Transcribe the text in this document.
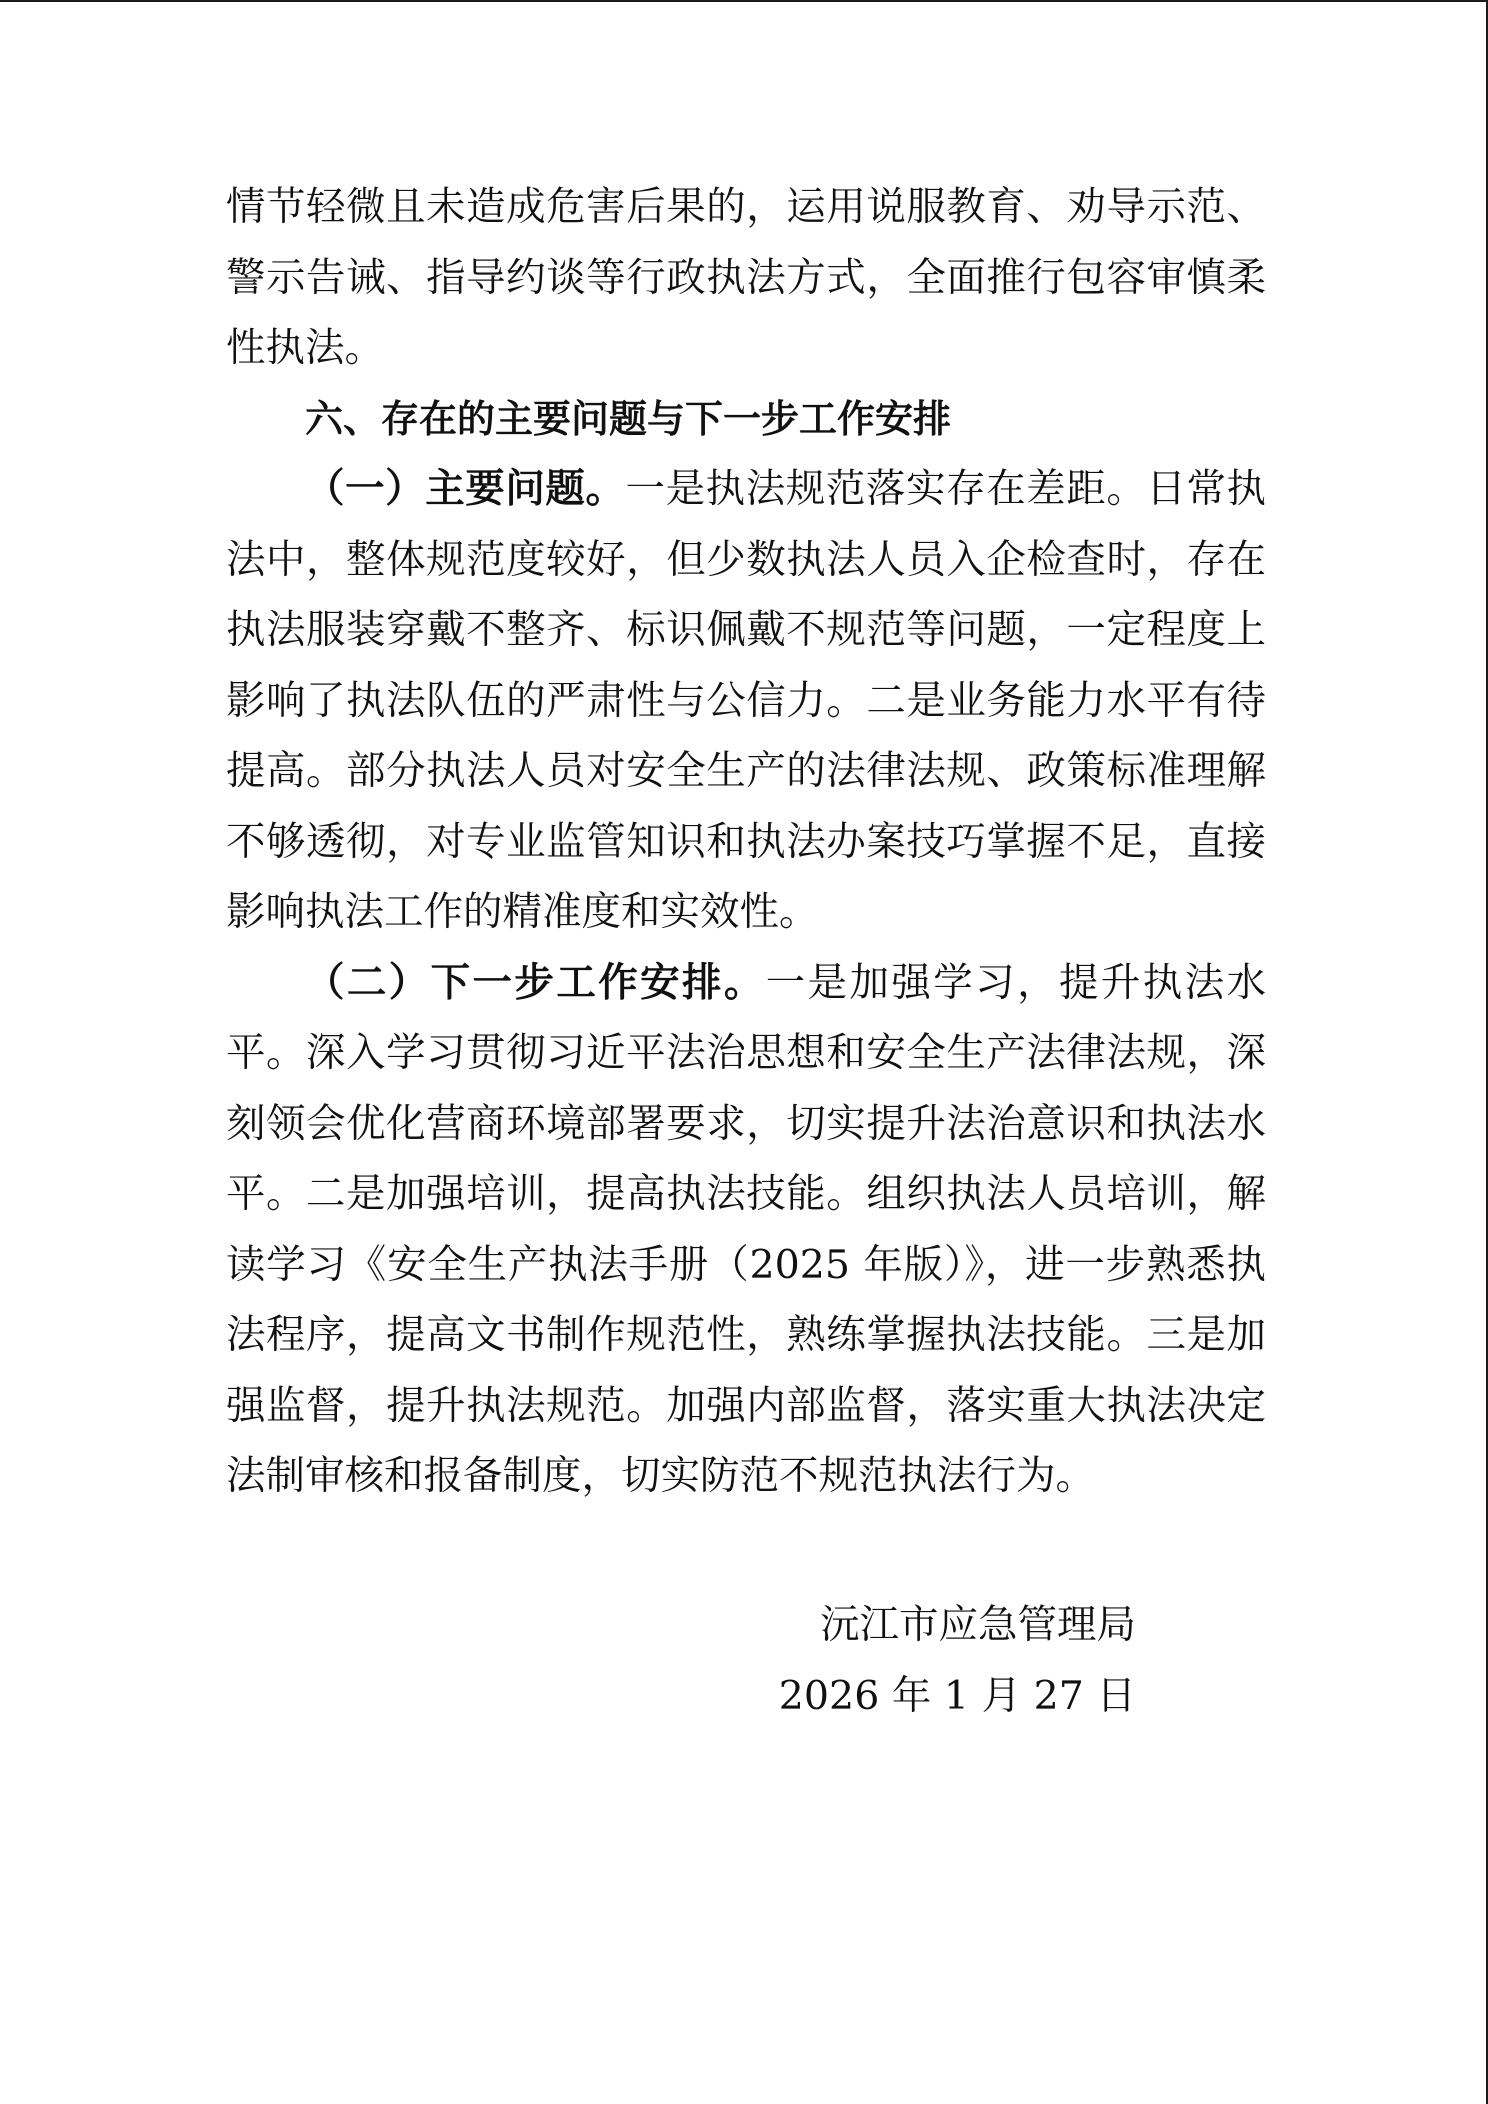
情节轻微且未造成危害后果的，运用说服教育、劝导示范、警示告诫、指导约谈等行政执法方式，全面推行包容审慎柔性执法。

六、存在的主要问题与下一步工作安排

（一）主要问题。一是执法规范落实存在差距。日常执法中，整体规范度较好，但少数执法人员入企检查时，存在执法服装穿戴不整齐、标识佩戴不规范等问题，一定程度上影响了执法队伍的严肃性与公信力。二是业务能力水平有待提高。部分执法人员对安全生产的法律法规、政策标准理解不够透彻，对专业监管知识和执法办案技巧掌握不足，直接影响执法工作的精准度和实效性。

（二）下一步工作安排。一是加强学习，提升执法水平。深入学习贯彻习近平法治思想和安全生产法律法规，深刻领会优化营商环境部署要求，切实提升法治意识和执法水平。二是加强培训，提高执法技能。组织执法人员培训，解读学习《安全生产执法手册（2025 年版）》，进一步熟悉执法程序，提高文书制作规范性，熟练掌握执法技能。三是加强监督，提升执法规范。加强内部监督，落实重大执法决定法制审核和报备制度，切实防范不规范执法行为。

沅江市应急管理局
2026 年 1 月 27 日
